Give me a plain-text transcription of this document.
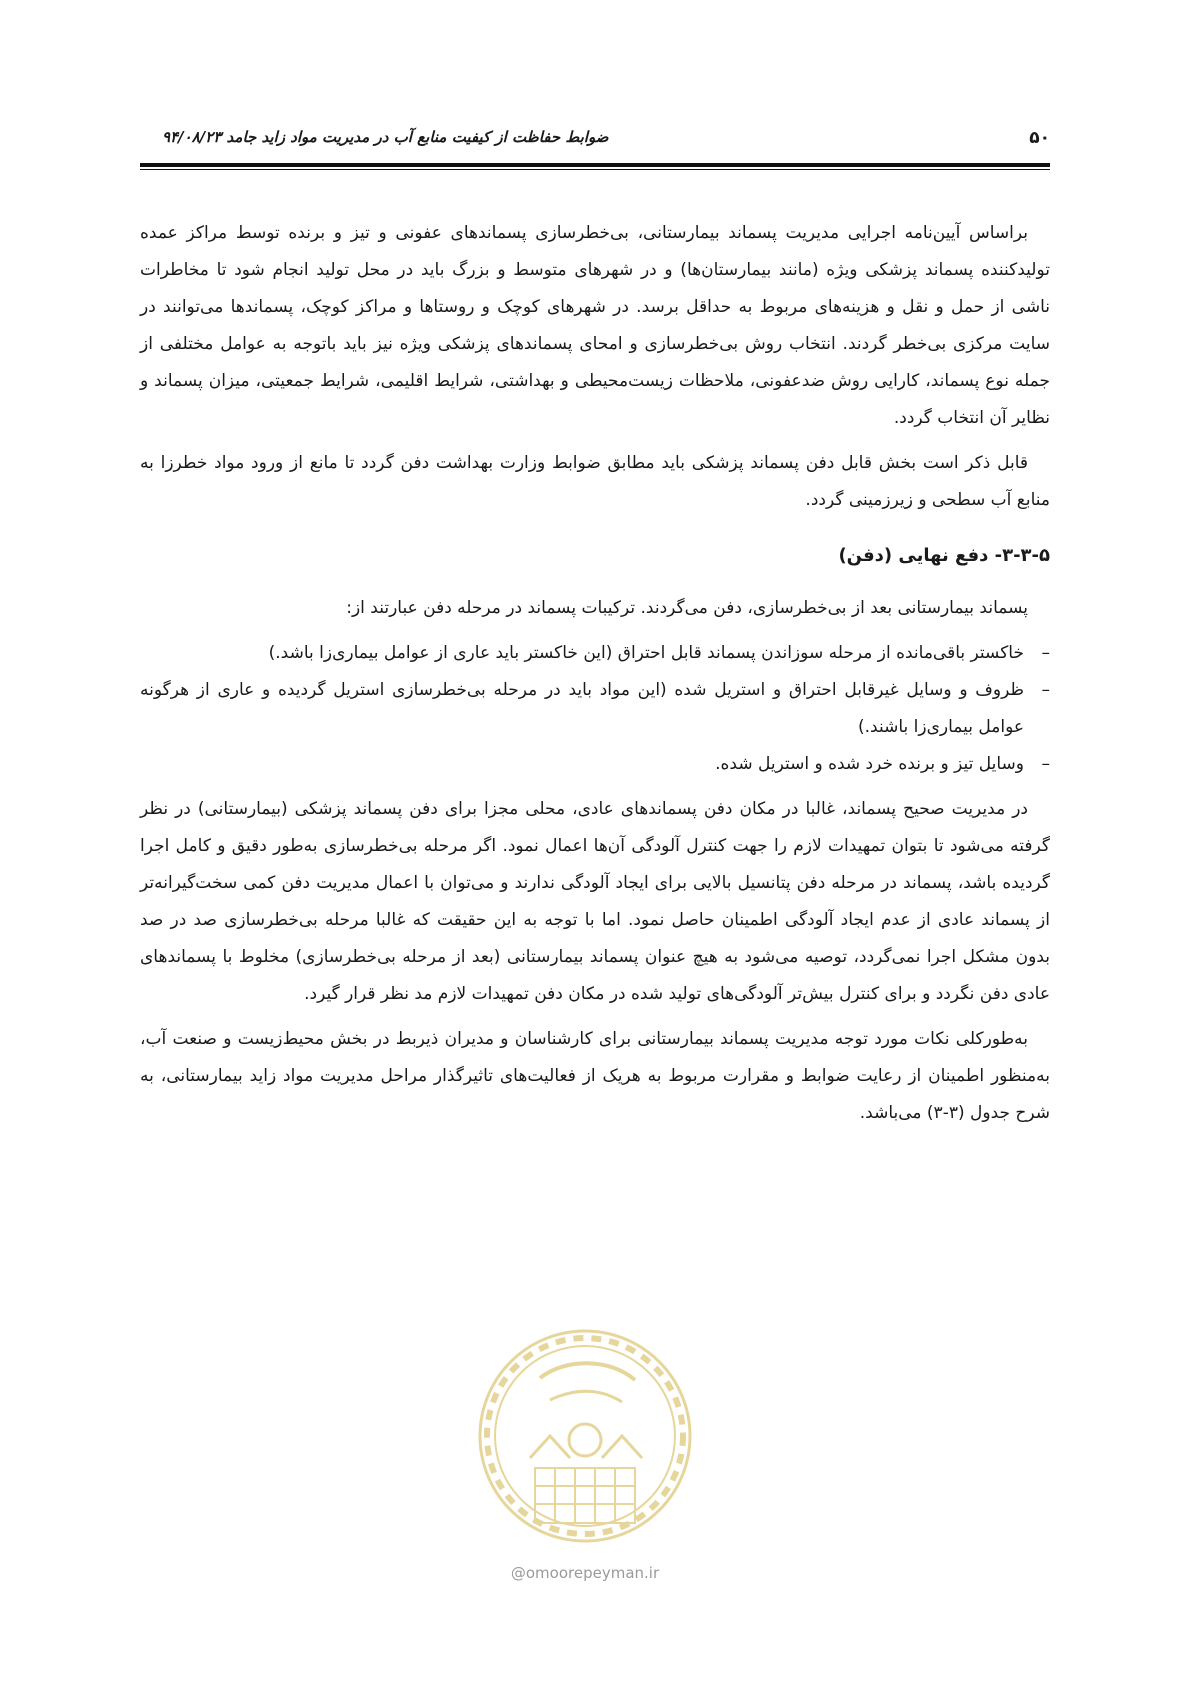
۵۰
ضوابط حفاظت از کیفیت منابع آب در مدیریت مواد زاید جامد ۹۴/۰۸/۲۳

براساس آیین‌نامه اجرایی مدیریت پسماند بیمارستانی، بی‌خطرسازی پسماندهای عفونی و تیز و برنده توسط مراکز عمده تولیدکننده پسماند پزشکی ویژه (مانند بیمارستان‌ها) و در شهرهای متوسط و بزرگ باید در محل تولید انجام شود تا مخاطرات ناشی از حمل و نقل و هزینه‌های مربوط به حداقل برسد. در شهرهای کوچک و روستاها و مراکز کوچک، پسماندها می‌توانند در سایت مرکزی بی‌خطر گردند. انتخاب روش بی‌خطرسازی و امحای پسماندهای پزشکی ویژه نیز باید باتوجه به عوامل مختلفی از جمله نوع پسماند، کارایی روش ضدعفونی، ملاحظات زیست‌محیطی و بهداشتی، شرایط اقلیمی، شرایط جمعیتی، میزان پسماند و نظایر آن انتخاب گردد.

قابل ذکر است بخش قابل دفن پسماند پزشکی باید مطابق ضوابط وزارت بهداشت دفن گردد تا مانع از ورود مواد خطرزا به منابع آب سطحی و زیرزمینی گردد.

۳-۳-۵- دفع نهایی (دفن)

پسماند بیمارستانی بعد از بی‌خطرسازی، دفن می‌گردند. ترکیبات پسماند در مرحله دفن عبارتند از:

–
خاکستر باقی‌مانده از مرحله سوزاندن پسماند قابل احتراق (این خاکستر باید عاری از عوامل بیماری‌زا باشد.)
–
ظروف و وسایل غیرقابل احتراق و استریل شده (این مواد باید در مرحله بی‌خطرسازی استریل گردیده و عاری از هرگونه عوامل بیماری‌زا باشند.)
–
وسایل تیز و برنده خرد شده و استریل شده.

در مدیریت صحیح پسماند، غالبا در مکان دفن پسماندهای عادی، محلی مجزا برای دفن پسماند پزشکی (بیمارستانی) در نظر گرفته می‌شود تا بتوان تمهیدات لازم را جهت کنترل آلودگی آن‌ها اعمال نمود. اگر مرحله بی‌خطرسازی به‌طور دقیق و کامل اجرا گردیده باشد، پسماند در مرحله دفن پتانسیل بالایی برای ایجاد آلودگی ندارند و می‌توان با اعمال مدیریت دفن کمی سخت‌گیرانه‌تر از پسماند عادی از عدم ایجاد آلودگی اطمینان حاصل نمود. اما با توجه به این حقیقت که غالبا مرحله بی‌خطرسازی صد در صد بدون مشکل اجرا نمی‌گردد، توصیه می‌شود به هیچ عنوان پسماند بیمارستانی (بعد از مرحله بی‌خطرسازی) مخلوط با پسماندهای عادی دفن نگردد و برای کنترل بیش‌تر آلودگی‌های تولید شده در مکان دفن تمهیدات لازم مد نظر قرار گیرد.

به‌طورکلی نکات مورد توجه مدیریت پسماند بیمارستانی برای کارشناسان و مدیران ذیربط در بخش محیط‌زیست و صنعت آب، به‌منظور اطمینان از رعایت ضوابط و مقرارت مربوط به هریک از فعالیت‌های تاثیرگذار مراحل مدیریت مواد زاید بیمارستانی، به شرح جدول (۳-۳) می‌باشد.

@omoorepeyman.ir
